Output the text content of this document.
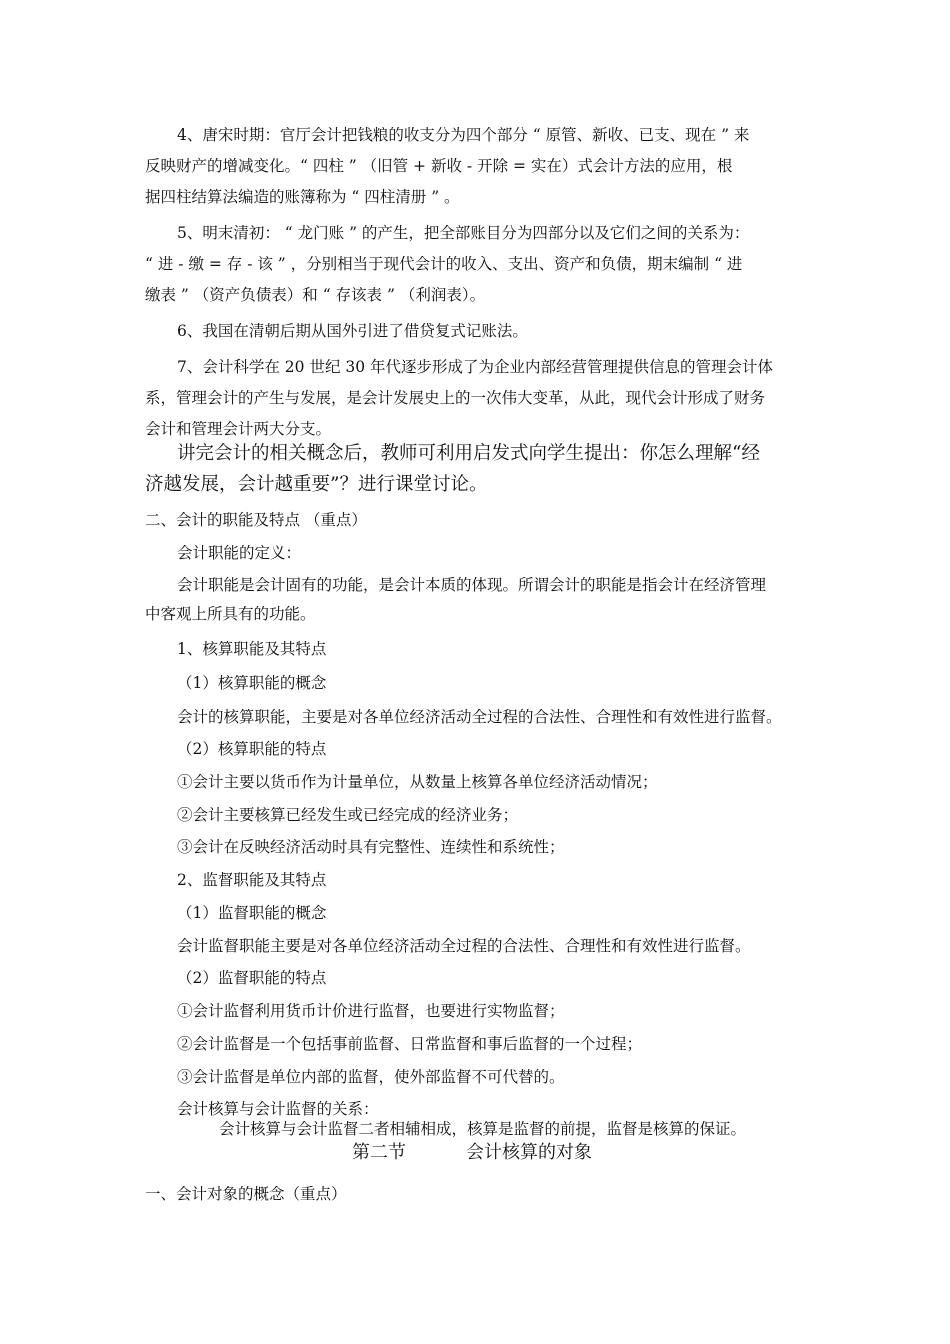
4、唐宋时期：官厅会计把钱粮的收支分为四个部分 “ 原管、新收、已支、现在 ” 来
反映财产的增减变化。“ 四柱 ” （旧管 + 新收 - 开除 = 实在）式会计方法的应用，根
据四柱结算法编造的账簿称为 “ 四柱清册 ” 。
5、明末清初： “ 龙门账 ” 的产生，把全部账目分为四部分以及它们之间的关系为：
“ 进 - 缴 = 存 - 该 ” ，分别相当于现代会计的收入、支出、资产和负债，期末编制 “ 进
缴表 ” （资产负债表）和 “ 存该表 ” （利润表）。
6、我国在清朝后期从国外引进了借贷复式记账法。
7、会计科学在 20 世纪 30 年代逐步形成了为企业内部经营管理提供信息的管理会计体
系，管理会计的产生与发展，是会计发展史上的一次伟大变革，从此，现代会计形成了财务
会计和管理会计两大分支。
讲完会计的相关概念后，教师可利用启发式向学生提出：你怎么理解“经
济越发展，会计越重要”？进行课堂讨论。
二、会计的职能及特点 （重点）
会计职能的定义：
会计职能是会计固有的功能，是会计本质的体现。所谓会计的职能是指会计在经济管理
中客观上所具有的功能。
1、核算职能及其特点
（1）核算职能的概念
会计的核算职能，主要是对各单位经济活动全过程的合法性、合理性和有效性进行监督。
（2）核算职能的特点
①会计主要以货币作为计量单位，从数量上核算各单位经济活动情况；
②会计主要核算已经发生或已经完成的经济业务；
③会计在反映经济活动时具有完整性、连续性和系统性；
2、监督职能及其特点
（1）监督职能的概念
会计监督职能主要是对各单位经济活动全过程的合法性、合理性和有效性进行监督。
（2）监督职能的特点
①会计监督利用货币计价进行监督，也要进行实物监督；
②会计监督是一个包括事前监督、日常监督和事后监督的一个过程；
③会计监督是单位内部的监督，使外部监督不可代替的。
会计核算与会计监督的关系：
会计核算与会计监督二者相辅相成，核算是监督的前提，监督是核算的保证。
第二节	会计核算的对象
一、会计对象的概念（重点）
